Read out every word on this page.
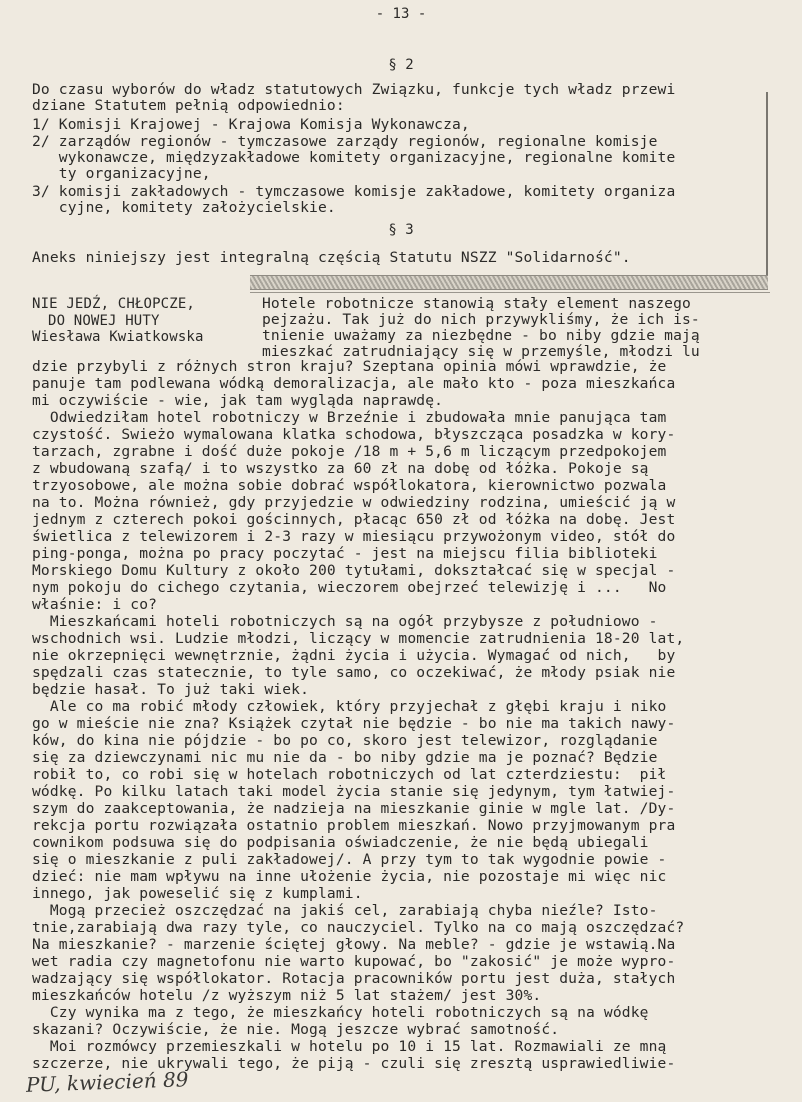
- 13 -
§ 2
Do czasu wyborów do władz statutowych Związku, funkcje tych władz przewi
dziane Statutem pełnią odpowiednio:
1/ Komisji Krajowej - Krajowa Komisja Wykonawcza,
2/ zarządów regionów - tymczasowe zarządy regionów, regionalne komisje
wykonawcze, międzyzakładowe komitety organizacyjne, regionalne komite
ty organizacyjne,
3/ komisji zakładowych - tymczasowe komisje zakładowe, komitety organiza
cyjne, komitety założycielskie.
§ 3
Aneks niniejszy jest integralną częścią Statutu NSZZ "Solidarność".
NIE JEDŹ, CHŁOPCZE,
DO NOWEJ HUTY
Wiesława Kwiatkowska
Hotele robotnicze stanowią stały element naszego
pejzażu. Tak już do nich przywykliśmy, że ich is-
tnienie uważamy za niezbędne - bo niby gdzie mają
mieszkać zatrudniający się w przemyśle, młodzi lu
dzie przybyli z różnych stron kraju? Szeptana opinia mówi wprawdzie, że
panuje tam podlewana wódką demoralizacja, ale mało kto - poza mieszkańca
mi oczywiście - wie, jak tam wygląda naprawdę.
Odwiedziłam hotel robotniczy w Brzeźnie i zbudowała mnie panująca tam
czystość. Swieżo wymalowana klatka schodowa, błyszcząca posadzka w kory-
tarzach, zgrabne i dość duże pokoje /18 m + 5,6 m liczącym przedpokojem
z wbudowaną szafą/ i to wszystko za 60 zł na dobę od łóżka. Pokoje są
trzyosobowe, ale można sobie dobrać współlokatora, kierownictwo pozwala
na to. Można również, gdy przyjedzie w odwiedziny rodzina, umieścić ją w
jednym z czterech pokoi gościnnych, płacąc 650 zł od łóżka na dobę. Jest
świetlica z telewizorem i 2-3 razy w miesiącu przywożonym video, stół do
ping-ponga, można po pracy poczytać - jest na miejscu filia biblioteki
Morskiego Domu Kultury z około 200 tytułami, dokształcać się w specjal -
nym pokoju do cichego czytania, wieczorem obejrzeć telewizję i ...   No
właśnie: i co?
Mieszkańcami hoteli robotniczych są na ogół przybysze z południowo -
wschodnich wsi. Ludzie młodzi, liczący w momencie zatrudnienia 18-20 lat,
nie okrzepnięci wewnętrznie, żądni życia i użycia. Wymagać od nich,   by
spędzali czas statecznie, to tyle samo, co oczekiwać, że młody psiak nie
będzie hasał. To już taki wiek.
Ale co ma robić młody człowiek, który przyjechał z głębi kraju i niko
go w mieście nie zna? Książek czytał nie będzie - bo nie ma takich nawy-
ków, do kina nie pójdzie - bo po co, skoro jest telewizor, rozglądanie
się za dziewczynami nic mu nie da - bo niby gdzie ma je poznać? Będzie
robił to, co robi się w hotelach robotniczych od lat czterdziestu:  pił
wódkę. Po kilku latach taki model życia stanie się jedynym, tym łatwiej-
szym do zaakceptowania, że nadzieja na mieszkanie ginie w mgle lat. /Dy-
rekcja portu rozwiązała ostatnio problem mieszkań. Nowo przyjmowanym pra
cownikom podsuwa się do podpisania oświadczenie, że nie będą ubiegali
się o mieszkanie z puli zakładowej/. A przy tym to tak wygodnie powie -
dzieć: nie mam wpływu na inne ułożenie życia, nie pozostaje mi więc nic
innego, jak poweselić się z kumplami.
Mogą przecież oszczędzać na jakiś cel, zarabiają chyba nieźle? Isto-
tnie,zarabiają dwa razy tyle, co nauczyciel. Tylko na co mają oszczędzać?
Na mieszkanie? - marzenie ściętej głowy. Na meble? - gdzie je wstawią.Na
wet radia czy magnetofonu nie warto kupować, bo "zakosić" je może wypro-
wadzający się współlokator. Rotacja pracowników portu jest duża, stałych
mieszkańców hotelu /z wyższym niż 5 lat stażem/ jest 30%.
Czy wynika ma z tego, że mieszkańcy hoteli robotniczych są na wódkę
skazani? Oczywiście, że nie. Mogą jeszcze wybrać samotność.
Moi rozmówcy przemieszkali w hotelu po 10 i 15 lat. Rozmawiali ze mną
szczerze, nie ukrywali tego, że piją - czuli się zresztą usprawiedliwie-
PU, kwiecień 89
